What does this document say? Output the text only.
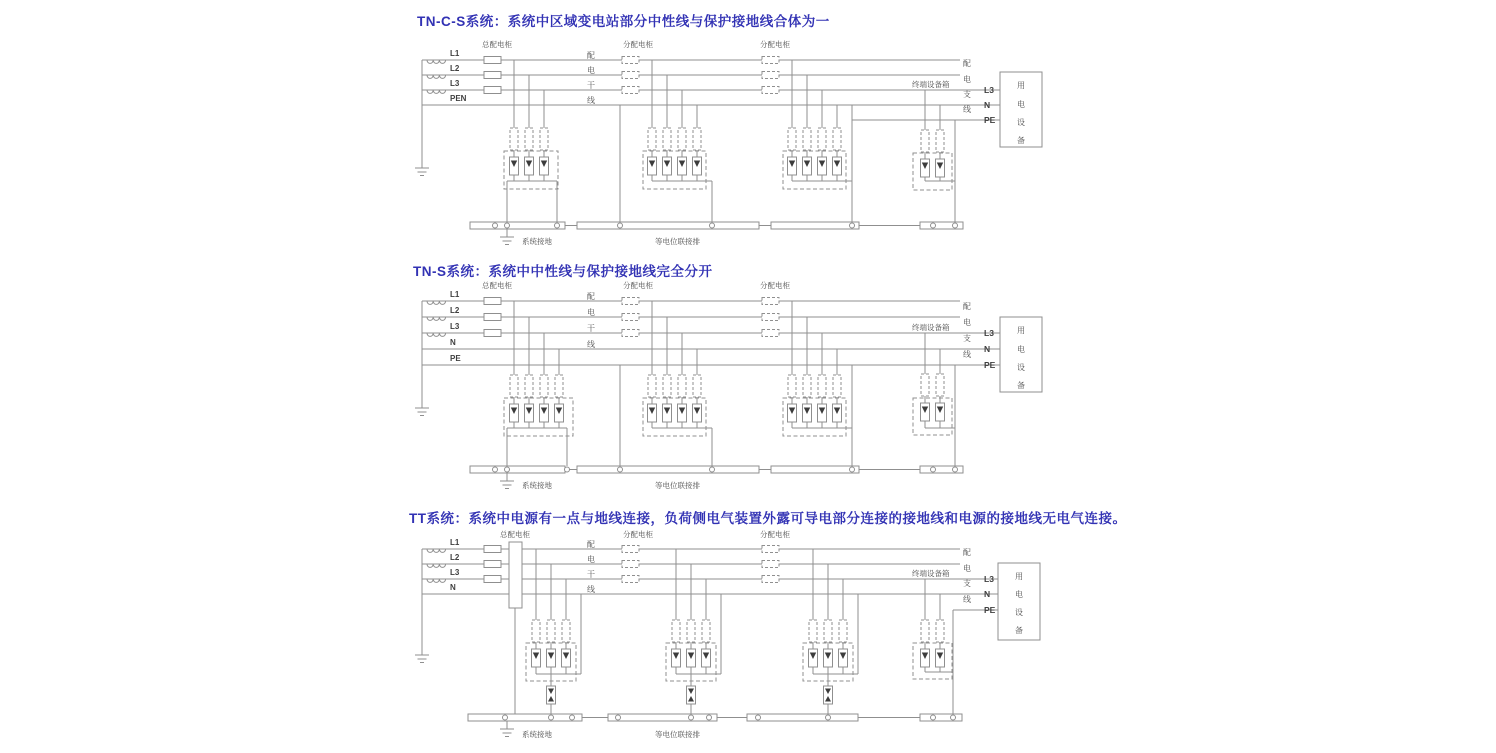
TN-C-S系统：系统中区域变电站部分中性线与保护接地线合体为一
TN-S系统：系统中中性线与保护接地线完全分开
TT系统：系统中电源有一点与地线连接，负荷侧电气装置外露可导电部分连接的接地线和电源的接地线无电气连接。
L1
L2
L3
PEN
总配电柜	分配电柜	分配电柜
配
电
干
线
终端设备箱
配
电
支
线
L3
N
PE
用
电
设
备
系统接地	等电位联接排
L1
L2
L3
N
PE
总配电柜	分配电柜	分配电柜
配
电
干
线
终端设备箱
配
电
支
线
L3
N
PE
用
电
设
备
系统接地	等电位联接排
L1
L2
L3
N
总配电柜	分配电柜	分配电柜
配
电
干
线
终端设备箱
配
电
支
线
L3
N
PE
用
电
设
备
系统接地	等电位联接排
